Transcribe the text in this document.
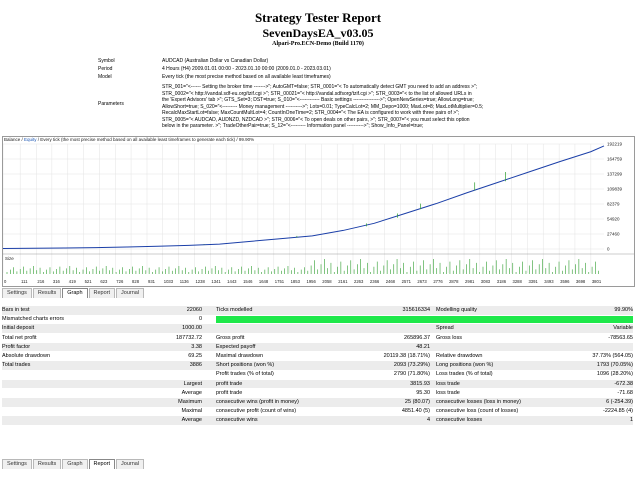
Strategy Tester Report
SevenDaysEA_v03.05
Alpari-Pro.ECN-Demo (Build 1170)
Symbol	AUDCAD (Australian Dollar vs Canadian Dollar)
Period	4 Hours (H4) 2009.01.01 00:00 - 2023.01.10 00:00 (2009.01.0 - 2023.03.01)
Model	Every tick (the most precise method based on all available least timeframes)
Parameters
STR_001="<------ Setting the broker time ------->"; AutoGMT=false; STR_0001="< To automatically detect GMT you need to add an address >";
STR_0002="< http://vandal.sdf-eu.org/tzif.cgi >"; STR_00021="< http://vandal.sdfsorg/tzif.cgi >"; STR_0003="< to the list of allowed URLs in
the 'Expert Advisors' tab >"; GTS_Set=3; DST=true; S_010="<------------ Basic settings ---------------->"; OpenNewSeries=true; AllowLong=true;
AllowShort=true; S_020="<--------- Money management ---------->"; Lots=0.01; TypeCalcLot=2; MM_Depo=1000; MaxLot=8; MaxLotMultiplier=0.5;
RecalcMaxStartLot=false; MaxCountMultLot=4; CountInOneTime=2; STR_0004="< The EA is configured to work with three pairs of >";
STR_0005="< AUDCAD, AUDNZD, NZDCAD >"; STR_0006="< To open deals on other pairs, >"; STR_0007="< you must select this option
below in the parameter. >"; TradeOtherPair=true; S_12="<--------- Information panel ---------->"; Show_Info_Panel=true;
192219
164759
137299
109839
82379
54920
27460
0
Size
0	111 216 316 419 521 623 726 828 931 1033 1136 1238 1341 1443 1546 1648 1751 1853 1956 2058 2161 2263 2366 2468 2571 2673 2776 2878 2981 3083 3186 3288 3391 3493 3596 3698 3801
Balance / Equity / Every tick (the most precise method based on all available least timeframes to generate each tick) / 99.90%
Settings	Results	Graph	Report	Journal
Bars in test	22060	Ticks modelled	315616334 Modelling quality	99.90%
Mismatched charts errors	0
Initial deposit	1000.00	Spread	Variable
Total net profit	187732.72	Gross profit	265896.37 Gross loss	-78563.65
Profit factor	3.38	Expected payoff	48.21
Absolute drawdown	69.25	Maximal drawdown	20119.38 (18.71%) Relative drawdown	37.73% (564.05)
Total trades	3886	Short positions (won %)	2093 (73.29%) Long positions (won %)	1793 (70.05%)
Profit trades (% of total)	2790 (71.80%) Loss trades (% of total)	1096 (28.20%)
Largest	profit trade	3815.93 loss trade	-672.38
Average	profit trade	95.30 loss trade	-71.68
Maximum	consecutive wins (profit in money)	25 (80.07) consecutive losses (loss in money)	6 (-254.39)
Maximal	consecutive profit (count of wins)	4851.40 (5) consecutive loss (count of losses)	-2224.85 (4)
Average	consecutive wins	4 consecutive losses	1
Settings	Results	Graph	Report	Journal
